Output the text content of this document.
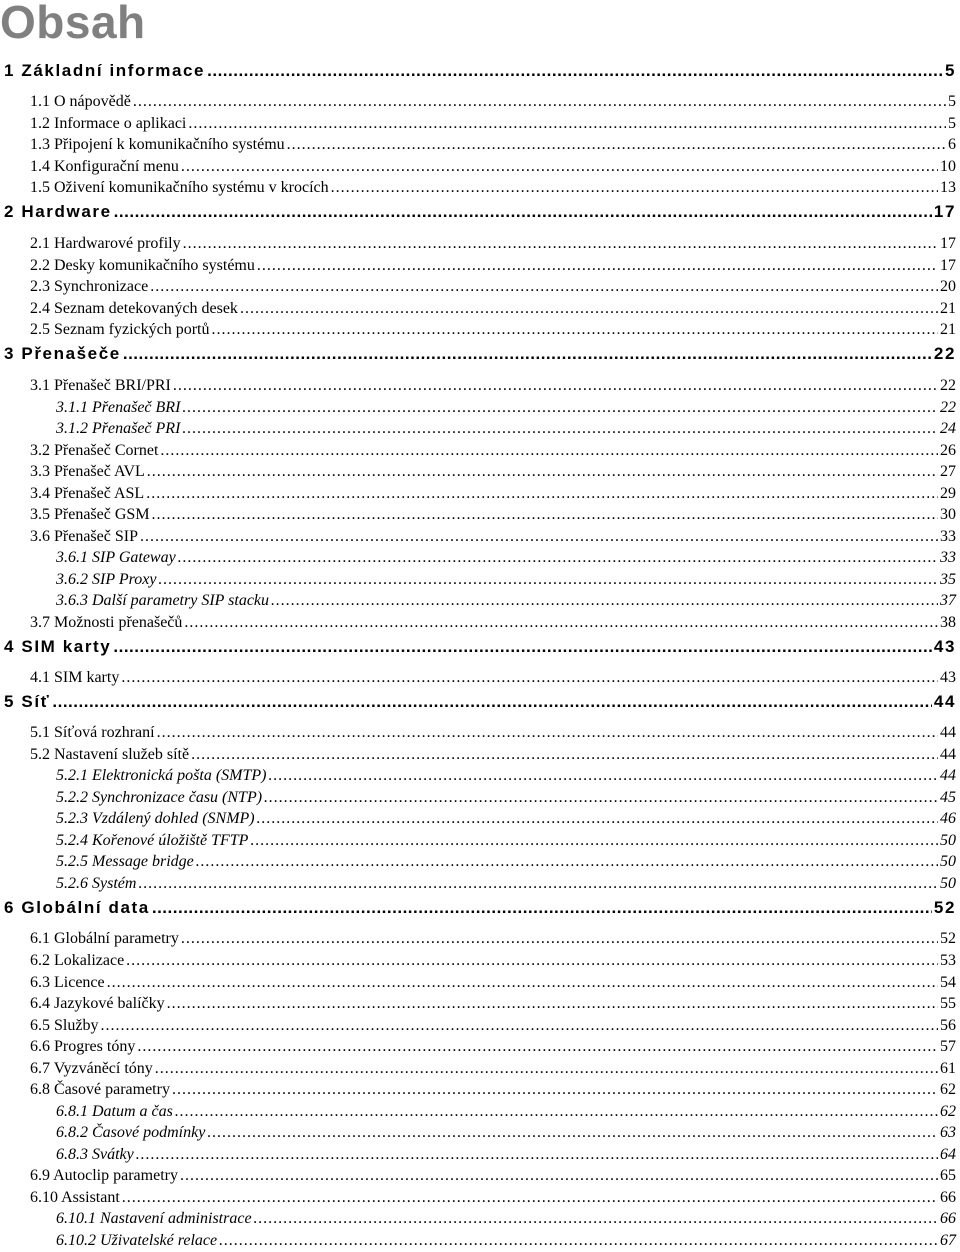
Obsah
1 Základní informace .....	5
1.1 O nápovědě .....	5
1.2 Informace o aplikaci .....	5
1.3 Připojení k komunikačního systému .....	6
1.4 Konfigurační menu .....	10
1.5 Oživení komunikačního systému v krocích .....	13
2 Hardware .....	17
2.1 Hardwarové profily .....	17
2.2 Desky komunikačního systému .....	17
2.3 Synchronizace .....	20
2.4 Seznam detekovaných desek .....	21
2.5 Seznam fyzických portů .....	21
3 Přenašeče .....	22
3.1 Přenašeč BRI/PRI .....	22
3.1.1 Přenašeč BRI .....	22
3.1.2 Přenašeč PRI .....	24
3.2 Přenašeč Cornet .....	26
3.3 Přenašeč AVL .....	27
3.4 Přenašeč ASL .....	29
3.5 Přenašeč GSM .....	30
3.6 Přenašeč SIP .....	33
3.6.1 SIP Gateway .....	33
3.6.2 SIP Proxy .....	35
3.6.3 Další parametry SIP stacku .....	37
3.7 Možnosti přenašečů .....	38
4 SIM karty .....	43
4.1 SIM karty .....	43
5 Síť .....	44
5.1 Síťová rozhraní .....	44
5.2 Nastavení služeb sítě .....	44
5.2.1 Elektronická pošta (SMTP) .....	44
5.2.2 Synchronizace času (NTP) .....	45
5.2.3 Vzdálený dohled (SNMP) .....	46
5.2.4 Kořenové úložiště TFTP .....	50
5.2.5 Message bridge .....	50
5.2.6 Systém .....	50
6 Globální data .....	52
6.1 Globální parametry .....	52
6.2 Lokalizace .....	53
6.3 Licence .....	54
6.4 Jazykové balíčky .....	55
6.5 Služby .....	56
6.6 Progres tóny .....	57
6.7 Vyzváněcí tóny .....	61
6.8 Časové parametry .....	62
6.8.1 Datum a čas .....	62
6.8.2 Časové podmínky .....	63
6.8.3 Svátky .....	64
6.9 Autoclip parametry .....	65
6.10 Assistant .....	66
6.10.1 Nastavení administrace .....	66
6.10.2 Uživatelské relace .....	67
